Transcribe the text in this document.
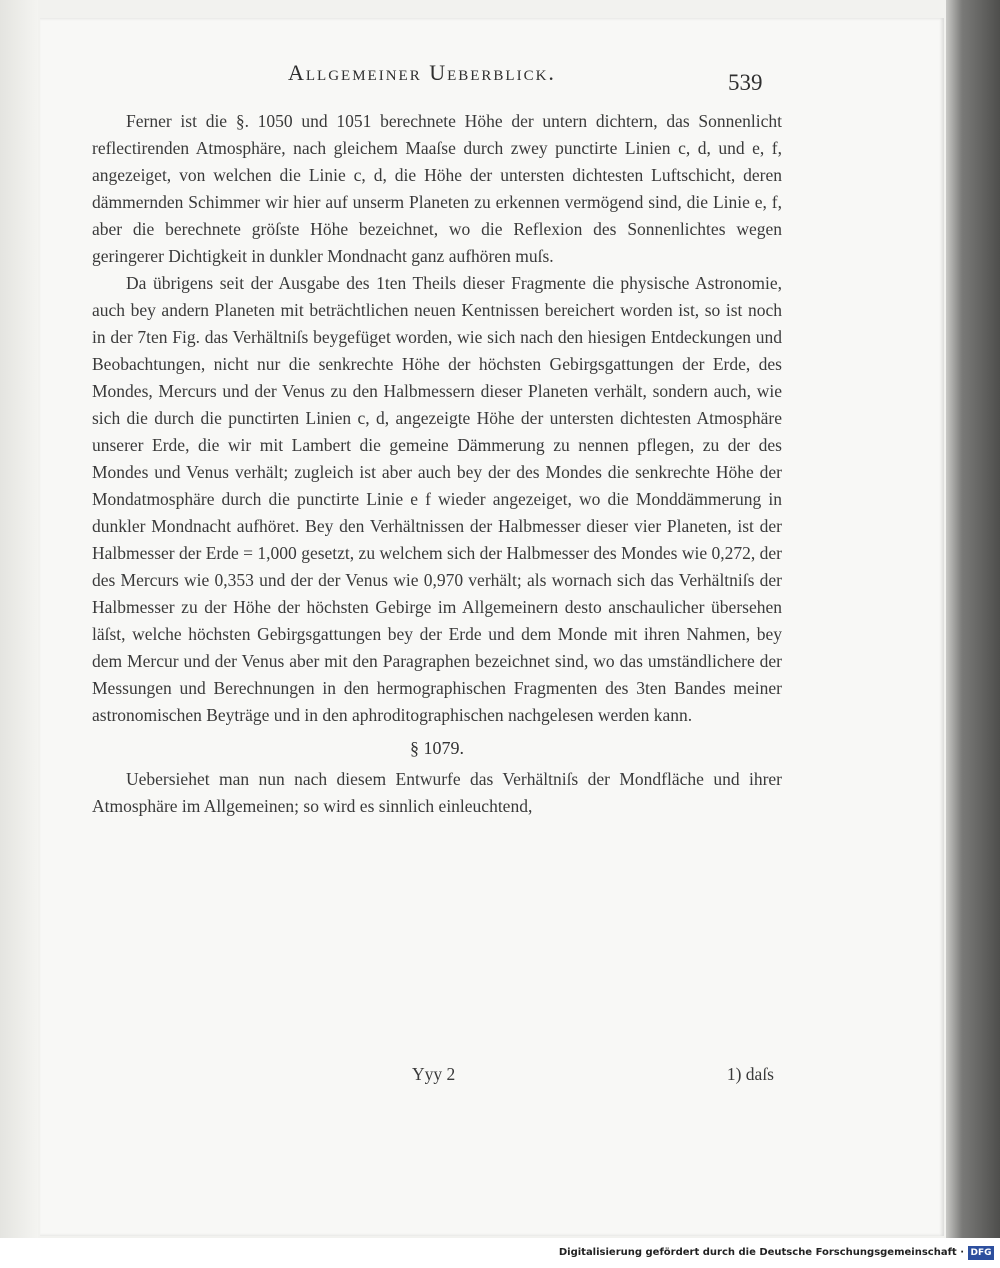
Allgemeiner Ueberblick.	539

Ferner ist die §. 1050 und 1051 berechnete Höhe der untern dichtern, das Sonnenlicht reflectirenden Atmosphäre, nach gleichem Maaſse durch zwey punctirte Linien c, d, und e, f, angezeiget, von welchen die Linie c, d, die Höhe der untersten dichtesten Luftschicht, deren dämmernden Schimmer wir hier auf unserm Planeten zu erkennen vermögend sind, die Linie e, f, aber die berechnete gröſste Höhe bezeichnet, wo die Reflexion des Sonnenlichtes wegen geringerer Dichtigkeit in dunkler Mondnacht ganz aufhören muſs.

Da übrigens seit der Ausgabe des 1ten Theils dieser Fragmente die physische Astronomie, auch bey andern Planeten mit beträchtlichen neuen Kentnissen bereichert worden ist, so ist noch in der 7ten Fig. das Verhältniſs beygefüget worden, wie sich nach den hiesigen Entdeckungen und Beobachtungen, nicht nur die senkrechte Höhe der höchsten Gebirgsgattungen der Erde, des Mondes, Mercurs und der Venus zu den Halbmessern dieser Planeten verhält, sondern auch, wie sich die durch die punctirten Linien c, d, angezeigte Höhe der untersten dichtesten Atmosphäre unserer Erde, die wir mit Lambert die gemeine Dämmerung zu nennen pflegen, zu der des Mondes und Venus verhält; zugleich ist aber auch bey der des Mondes die senkrechte Höhe der Mondatmosphäre durch die punctirte Linie e f wieder angezeiget, wo die Monddämmerung in dunkler Mondnacht aufhöret. Bey den Verhältnissen der Halbmesser dieser vier Planeten, ist der Halbmesser der Erde = 1,000 gesetzt, zu welchem sich der Halbmesser des Mondes wie 0,272, der des Mercurs wie 0,353 und der der Venus wie 0,970 verhält; als wornach sich das Verhältniſs der Halbmesser zu der Höhe der höchsten Gebirge im Allgemeinern desto anschaulicher übersehen läſst, welche höchsten Gebirgsgattungen bey der Erde und dem Monde mit ihren Nahmen, bey dem Mercur und der Venus aber mit den Paragraphen bezeichnet sind, wo das umständlichere der Messungen und Berechnungen in den hermographischen Fragmenten des 3ten Bandes meiner astronomischen Beyträge und in den aphroditographischen nachgelesen werden kann.

§ 1079.

Uebersiehet man nun nach diesem Entwurfe das Verhältniſs der Mondfläche und ihrer Atmosphäre im Allgemeinen; so wird es sinnlich einleuchtend,

Yyy 2	1) daſs
Digitalisierung gefördert durch die Deutsche Forschungsgemeinschaft · DFG
